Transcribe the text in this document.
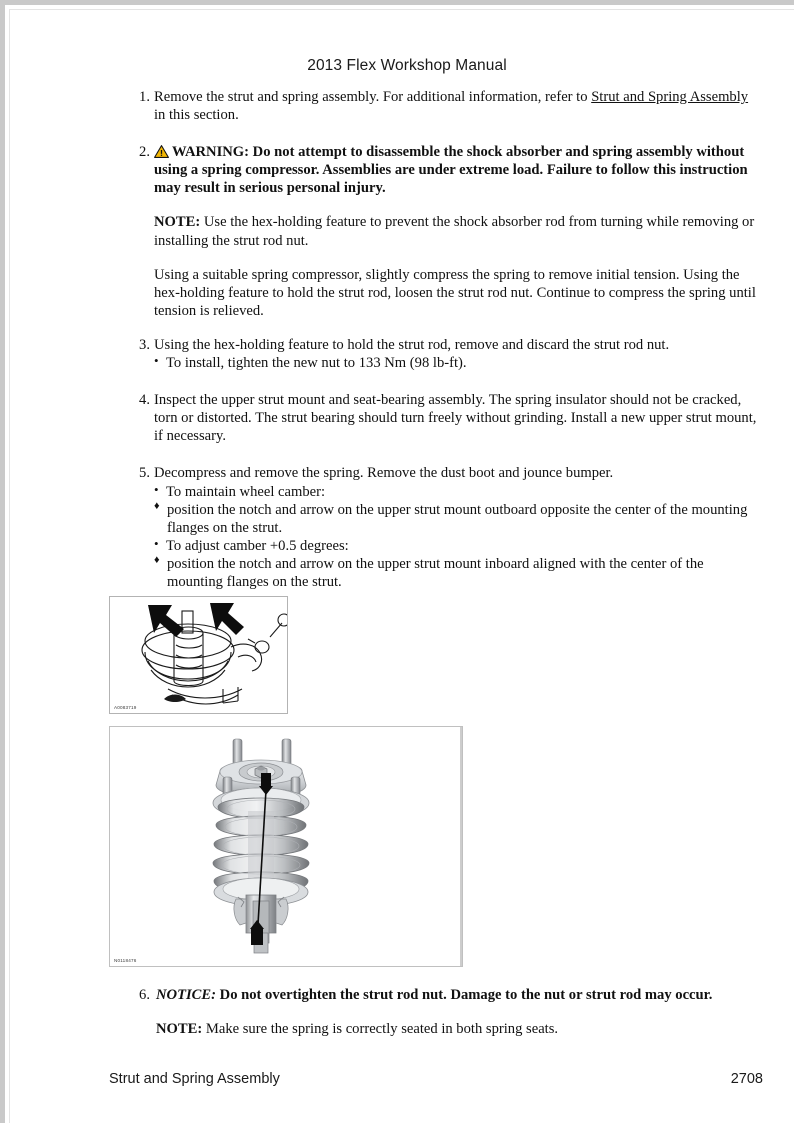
2013 Flex Workshop Manual
1. Remove the strut and spring assembly. For additional information, refer to Strut and Spring Assembly in this section.

2.	WARNING: Do not attempt to disassemble the shock absorber and spring assembly without using a spring compressor. Assemblies are under extreme load. Failure to follow this instruction may result in serious personal injury.

NOTE: Use the hex-holding feature to prevent the shock absorber rod from turning while removing or installing the strut rod nut.

Using a suitable spring compressor, slightly compress the spring to remove initial tension. Using the hex-holding feature to hold the strut rod, loosen the strut rod nut. Continue to compress the spring until tension is relieved.

3. Using the hex-holding feature to hold the strut rod, remove and discard the strut rod nut.

• To install, tighten the new nut to 133 Nm (98 lb-ft).
4. Inspect the upper strut mount and seat-bearing assembly. The spring insulator should not be cracked, torn or distorted. The strut bearing should turn freely without grinding. Install a new upper strut mount, if necessary.

5. Decompress and remove the spring. Remove the dust boot and jounce bumper.

• To maintain wheel camber:
♦ position the notch and arrow on the upper strut mount outboard opposite the center of the mounting flanges on the strut.
• To adjust camber +0.5 degrees:
♦ position the notch and arrow on the upper strut mount inboard aligned with the center of the mounting flanges on the strut.
A0083719
N0118476
6. NOTICE: Do not overtighten the strut rod nut. Damage to the nut or strut rod may occur.

NOTE: Make sure the spring is correctly seated in both spring seats.

Strut and Spring Assembly	2708
